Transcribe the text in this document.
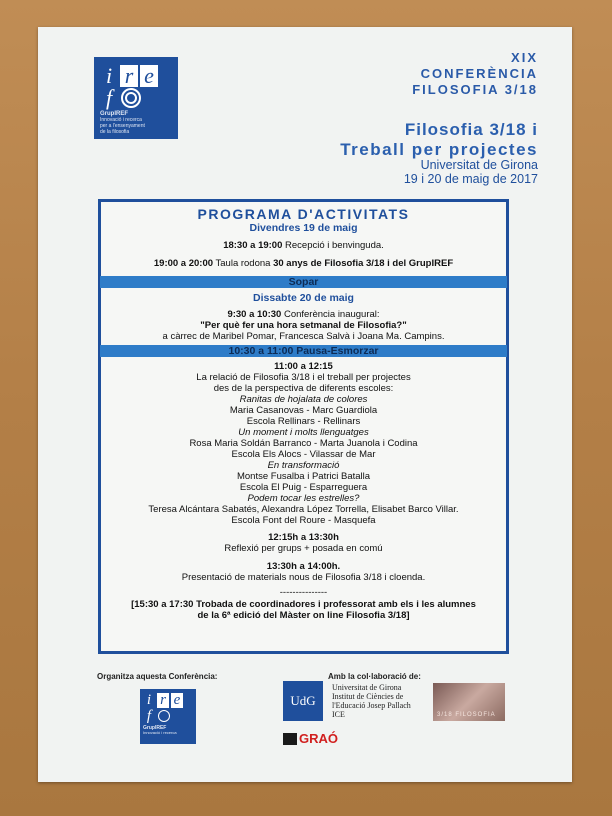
i r e
f
GrupIREF
Innovació i recerca
per a l'ensenyament
de la filosofia
XIX
CONFERÈNCIA
FILOSOFIA 3/18
Filosofia 3/18 i
Treball per projectes
Universitat de Girona
19 i 20 de maig de 2017
PROGRAMA D'ACTIVITATS
Divendres 19 de maig
18:30 a 19:00 Recepció i benvinguda.
19:00 a 20:00 Taula rodona 30 anys de Filosofia 3/18 i del GrupIREF
Sopar
Dissabte 20 de maig
9:30 a 10:30 Conferència inaugural:
"Per què fer una hora setmanal de Filosofia?"
a càrrec de Maribel Pomar, Francesca Salvà i Joana Ma. Campins.
10:30 a 11:00 Pausa-Esmorzar
11:00 a 12:15
La relació de Filosofia 3/18 i el treball per projectes
des de la perspectiva de diferents escoles:
Ranitas de hojalata de colores
Maria Casanovas - Marc Guardiola
Escola Rellinars - Rellinars
Un moment i molts llenguatges
Rosa Maria Soldán Barranco - Marta Juanola i Codina
Escola Els Alocs - Vilassar de Mar
En transformació
Montse Fusalba i Patrici Batalla
Escola El Puig - Esparreguera
Podem tocar les estrelles?
Teresa Alcántara Sabatés, Alexandra López Torrella, Elisabet Barco Villar.
Escola Font del Roure - Masquefa
12:15h a 13:30h
Reflexió per grups + posada en comú
13:30h a 14:00h.
Presentació de materials nous de Filosofia 3/18 i cloenda.
---------------
[15:30 a 17:30 Trobada de coordinadores i professorat amb els i les alumnes
de la 6ª edició del Màster on line Filosofia 3/18]
Organitza aquesta Conferència:	Amb la col·laboració de:
i r e
f
GrupIREF
Innovació i recerca
UdG
Universitat de Girona
Institut de Ciències de
l'Educació Josep Pallach
ICE
GRAÓ
3/18 FILOSOFIA
